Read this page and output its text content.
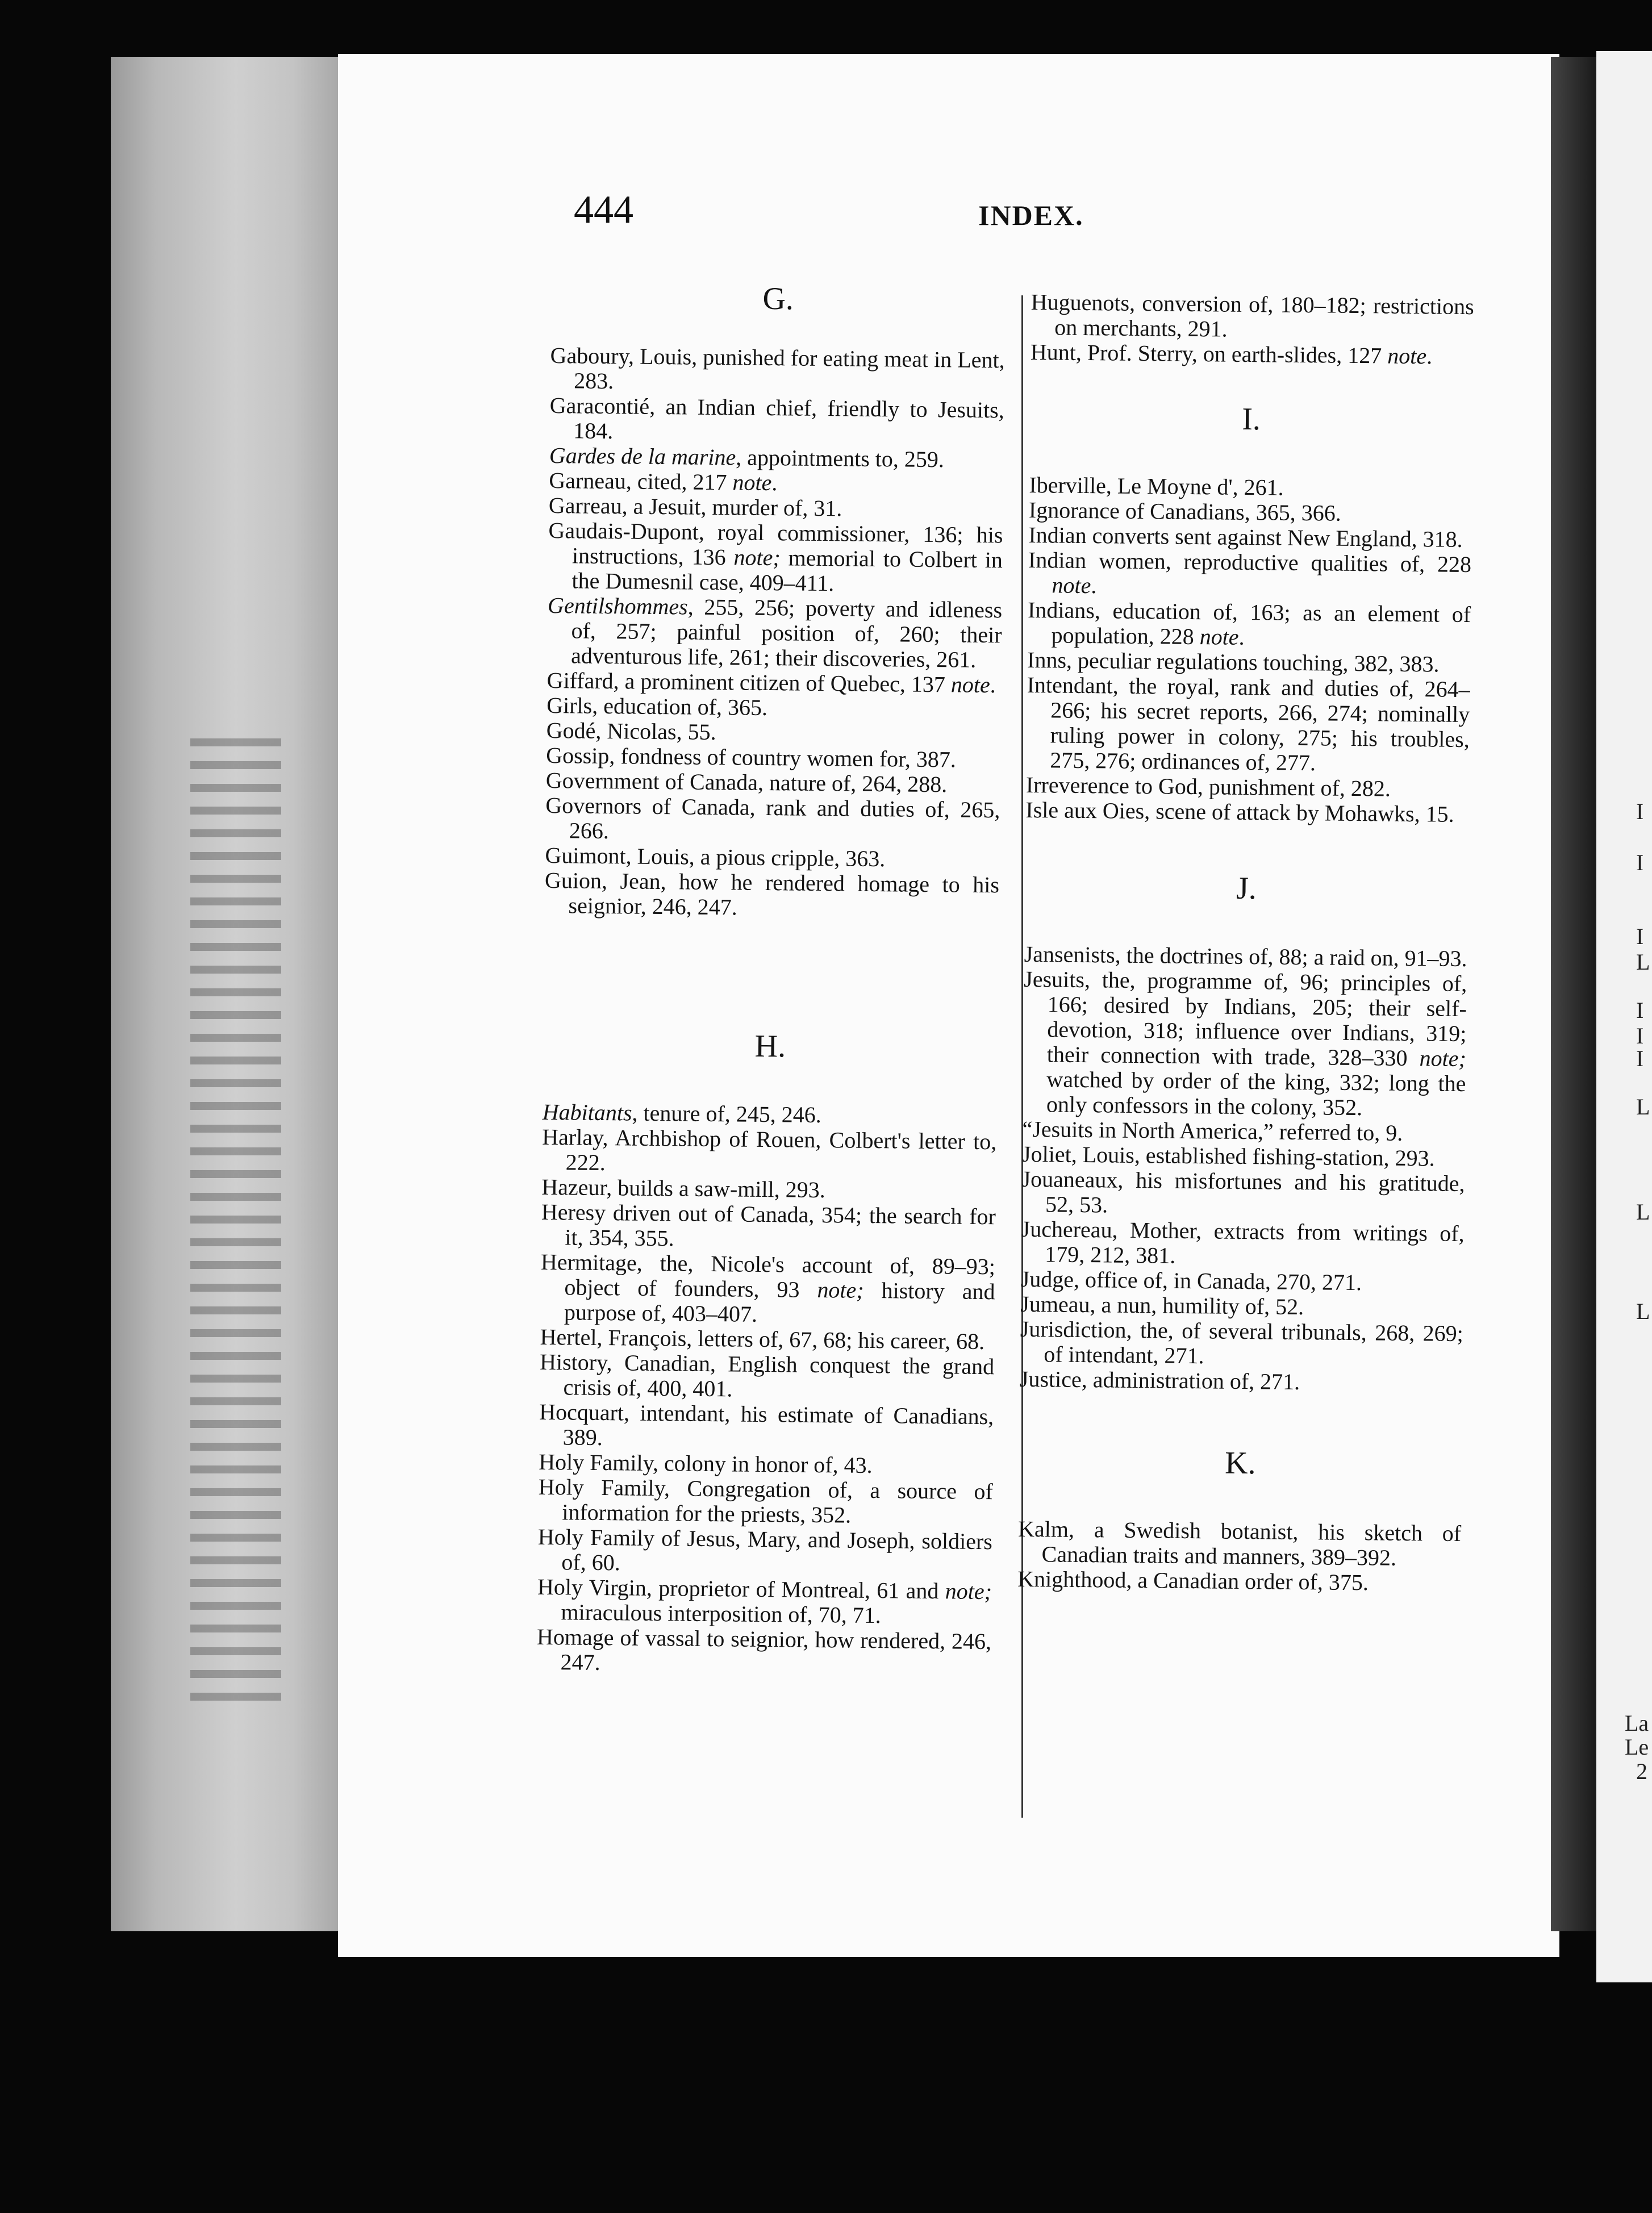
I
I
I
L
I
I
I
L
L
L
La
Le
2
444	INDEX.
G.
Gaboury, Louis, punished for eating meat in Lent, 283.
Garacontié, an Indian chief, friendly to Jesuits, 184.
Gardes de la marine, appointments to, 259.
Garneau, cited, 217 note.
Garreau, a Jesuit, murder of, 31.
Gaudais-Dupont, royal commissioner, 136; his instructions, 136 note; memorial to Colbert in the Dumesnil case, 409–411.
Gentilshommes, 255, 256; poverty and idleness of, 257; painful position of, 260; their adventurous life, 261; their discoveries, 261.
Giffard, a prominent citizen of Quebec, 137 note.
Girls, education of, 365.
Godé, Nicolas, 55.
Gossip, fondness of country women for, 387.
Government of Canada, nature of, 264, 288.
Governors of Canada, rank and duties of, 265, 266.
Guimont, Louis, a pious cripple, 363.
Guion, Jean, how he rendered homage to his seignior, 246, 247.
H.
Habitants, tenure of, 245, 246.
Harlay, Archbishop of Rouen, Colbert's letter to, 222.
Hazeur, builds a saw-mill, 293.
Heresy driven out of Canada, 354; the search for it, 354, 355.
Hermitage, the, Nicole's account of, 89–93; object of founders, 93 note; history and purpose of, 403–407.
Hertel, François, letters of, 67, 68; his career, 68.
History, Canadian, English conquest the grand crisis of, 400, 401.
Hocquart, intendant, his estimate of Canadians, 389.
Holy Family, colony in honor of, 43.
Holy Family, Congregation of, a source of information for the priests, 352.
Holy Family of Jesus, Mary, and Joseph, soldiers of, 60.
Holy Virgin, proprietor of Montreal, 61 and note; miraculous interposition of, 70, 71.
Homage of vassal to seignior, how rendered, 246, 247.
Huguenots, conversion of, 180–182; restrictions on merchants, 291.
Hunt, Prof. Sterry, on earth-slides, 127 note.
I.
Iberville, Le Moyne d', 261.
Ignorance of Canadians, 365, 366.
Indian converts sent against New England, 318.
Indian women, reproductive qualities of, 228 note.
Indians, education of, 163; as an element of population, 228 note.
Inns, peculiar regulations touching, 382, 383.
Intendant, the royal, rank and duties of, 264–266; his secret reports, 266, 274; nominally ruling power in colony, 275; his troubles, 275, 276; ordinances of, 277.
Irreverence to God, punishment of, 282.
Isle aux Oies, scene of attack by Mohawks, 15.
J.
Jansenists, the doctrines of, 88; a raid on, 91–93.
Jesuits, the, programme of, 96; principles of, 166; desired by Indians, 205; their self-devotion, 318; influence over Indians, 319; their connection with trade, 328–330 note; watched by order of the king, 332; long the only confessors in the colony, 352.
“Jesuits in North America,” referred to, 9.
Joliet, Louis, established fishing-station, 293.
Jouaneaux, his misfortunes and his gratitude, 52, 53.
Juchereau, Mother, extracts from writings of, 179, 212, 381.
Judge, office of, in Canada, 270, 271.
Jumeau, a nun, humility of, 52.
Jurisdiction, the, of several tribunals, 268, 269; of intendant, 271.
Justice, administration of, 271.
K.
Kalm, a Swedish botanist, his sketch of Canadian traits and manners, 389–392.
Knighthood, a Canadian order of, 375.
